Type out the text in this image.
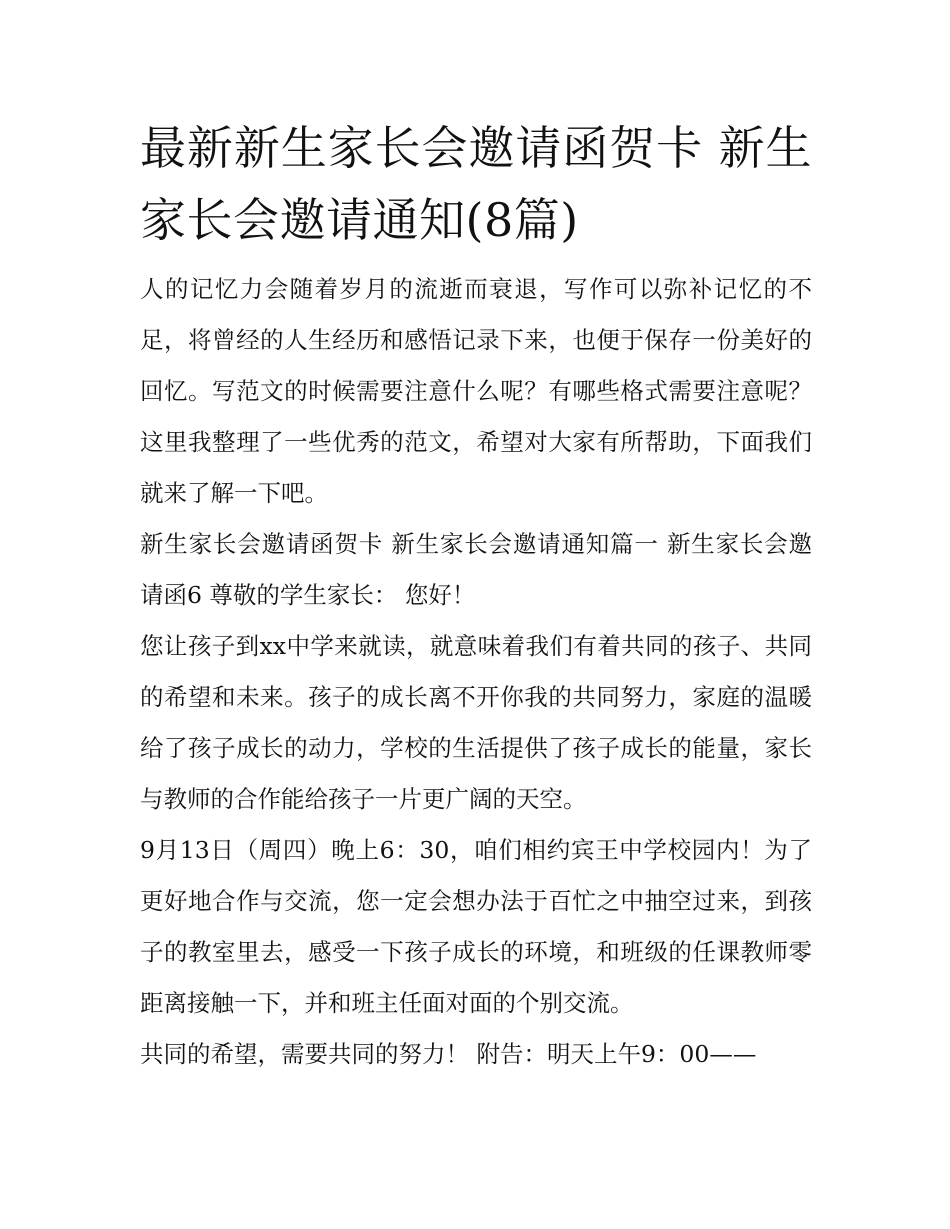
最新新生家长会邀请函贺卡 新生家长会邀请通知(8篇)

人的记忆力会随着岁月的流逝而衰退，写作可以弥补记忆的不足，将曾经的人生经历和感悟记录下来，也便于保存一份美好的回忆。写范文的时候需要注意什么呢？有哪些格式需要注意呢？这里我整理了一些优秀的范文，希望对大家有所帮助，下面我们就来了解一下吧。

新生家长会邀请函贺卡 新生家长会邀请通知篇一 新生家长会邀请函6 尊敬的学生家长： 您好！

您让孩子到xx中学来就读，就意味着我们有着共同的孩子、共同的希望和未来。孩子的成长离不开你我的共同努力，家庭的温暖给了孩子成长的动力，学校的生活提供了孩子成长的能量，家长与教师的合作能给孩子一片更广阔的天空。

9月13日（周四）晚上6：30，咱们相约宾王中学校园内！为了更好地合作与交流，您一定会想办法于百忙之中抽空过来，到孩子的教室里去，感受一下孩子成长的环境，和班级的任课教师零距离接触一下，并和班主任面对面的个别交流。

共同的希望，需要共同的努力！ 附告：明天上午9：00——
